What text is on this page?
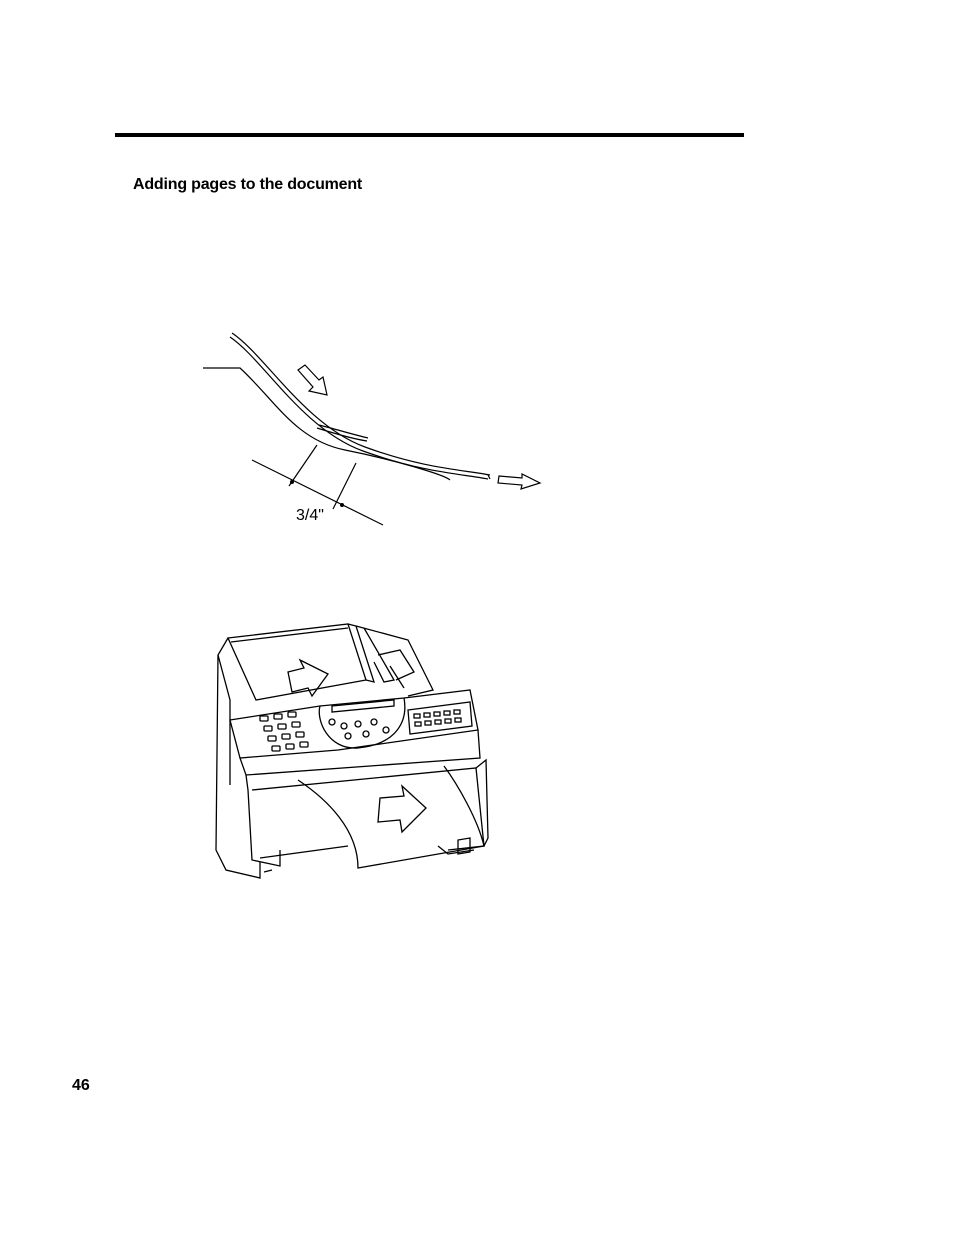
Adding pages to the document
3/4"
46
